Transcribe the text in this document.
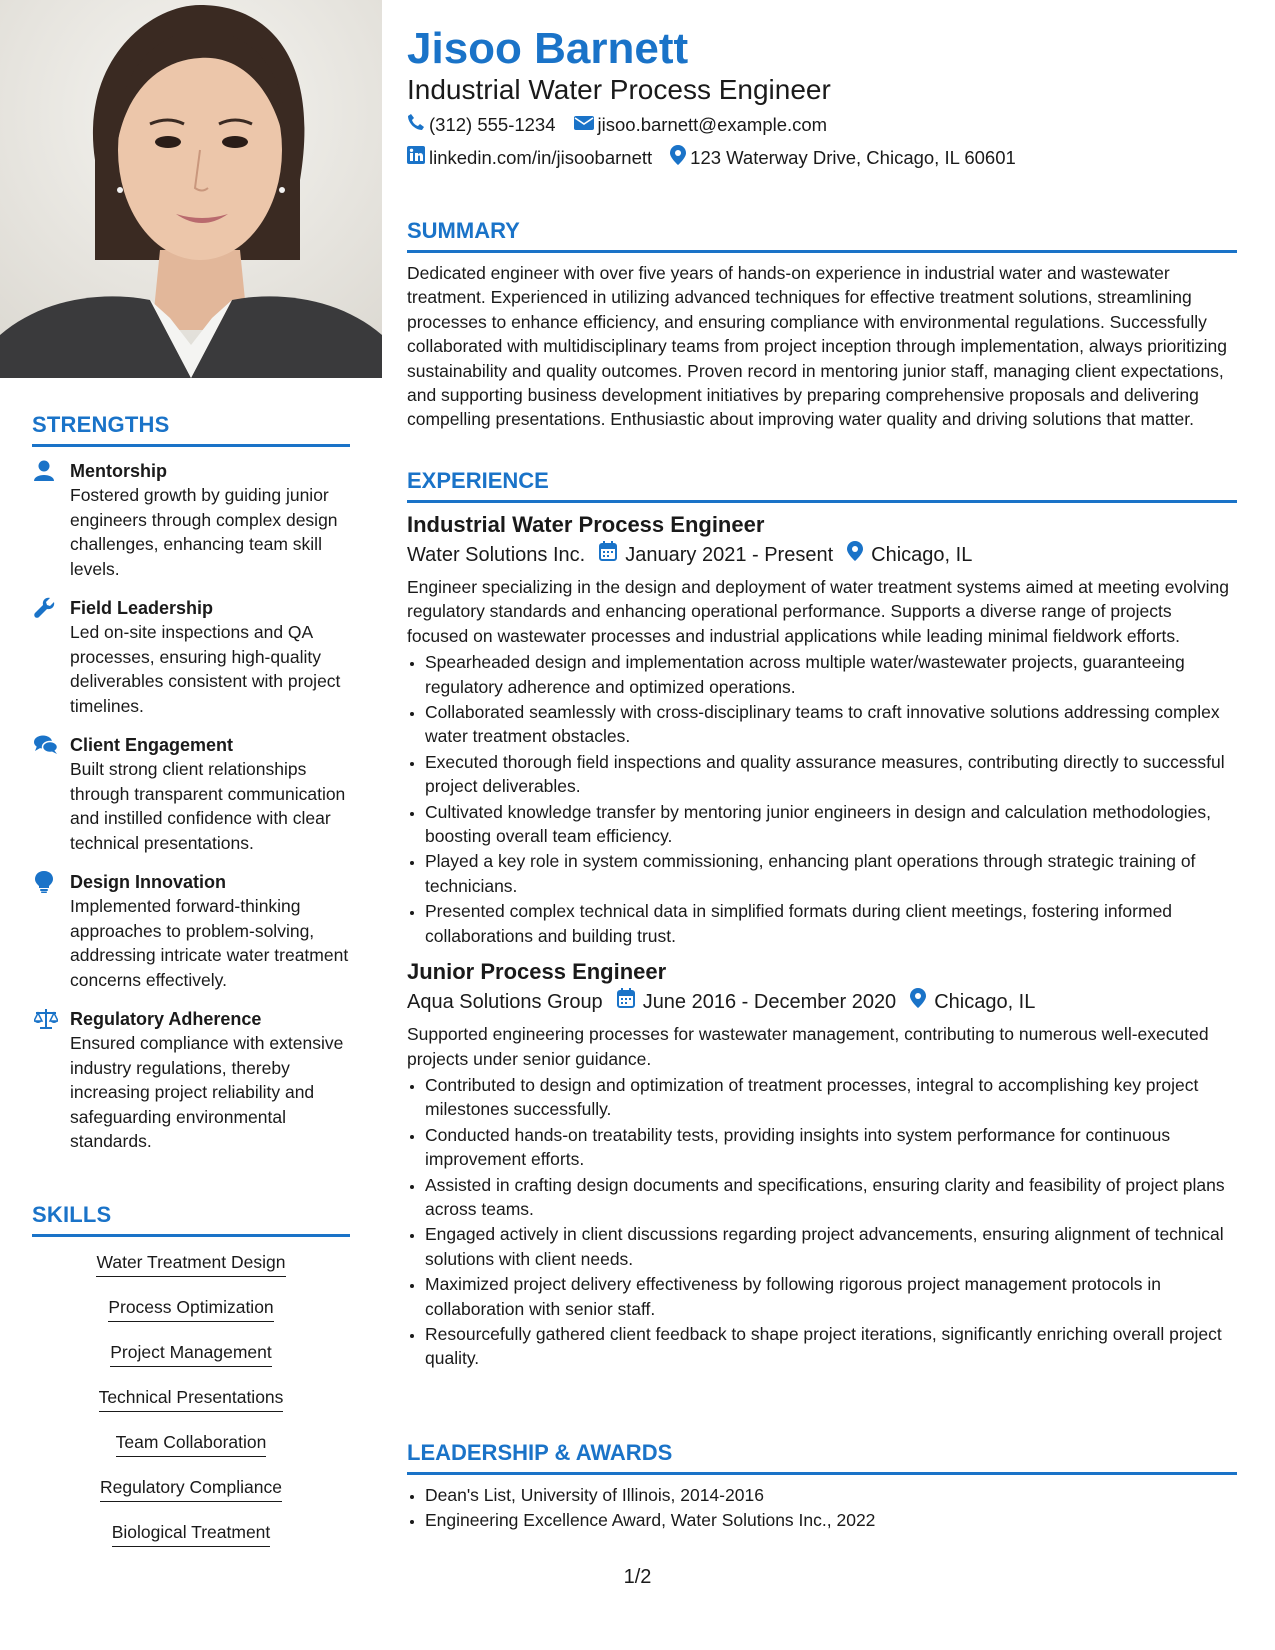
STRENGTHS
Mentorship
Fostered growth by guiding junior engineers through complex design challenges, enhancing team skill levels.
Field Leadership
Led on-site inspections and QA processes, ensuring high-quality deliverables consistent with project timelines.
Client Engagement
Built strong client relationships through transparent communication and instilled confidence with clear technical presentations.
Design Innovation
Implemented forward-thinking approaches to problem-solving, addressing intricate water treatment concerns effectively.
Regulatory Adherence
Ensured compliance with extensive industry regulations, thereby increasing project reliability and safeguarding environmental standards.
SKILLS
Water Treatment Design
Process Optimization
Project Management
Technical Presentations
Team Collaboration
Regulatory Compliance
Biological Treatment
Jisoo Barnett
Industrial Water Process Engineer
(312) 555-1234 jisoo.barnett@example.com
linkedin.com/in/jisoobarnett 123 Waterway Drive, Chicago, IL 60601
SUMMARY

Dedicated engineer with over five years of hands-on experience in industrial water and wastewater treatment. Experienced in utilizing advanced techniques for effective treatment solutions, streamlining processes to enhance efficiency, and ensuring compliance with environmental regulations. Successfully collaborated with multidisciplinary teams from project inception through implementation, always prioritizing sustainability and quality outcomes. Proven record in mentoring junior staff, managing client expectations, and supporting business development initiatives by preparing comprehensive proposals and delivering compelling presentations. Enthusiastic about improving water quality and driving solutions that matter.

EXPERIENCE
Industrial Water Process Engineer
Water Solutions Inc. January 2021 - Present Chicago, IL
Engineer specializing in the design and deployment of water treatment systems aimed at meeting evolving regulatory standards and enhancing operational performance. Supports a diverse range of projects focused on wastewater processes and industrial applications while leading minimal fieldwork efforts.
• Spearheaded design and implementation across multiple water/wastewater projects, guaranteeing regulatory adherence and optimized operations.
• Collaborated seamlessly with cross-disciplinary teams to craft innovative solutions addressing complex water treatment obstacles.
• Executed thorough field inspections and quality assurance measures, contributing directly to successful project deliverables.
• Cultivated knowledge transfer by mentoring junior engineers in design and calculation methodologies, boosting overall team efficiency.
• Played a key role in system commissioning, enhancing plant operations through strategic training of technicians.
• Presented complex technical data in simplified formats during client meetings, fostering informed collaborations and building trust.
Junior Process Engineer
Aqua Solutions Group June 2016 - December 2020 Chicago, IL
Supported engineering processes for wastewater management, contributing to numerous well-executed projects under senior guidance.
• Contributed to design and optimization of treatment processes, integral to accomplishing key project milestones successfully.
• Conducted hands-on treatability tests, providing insights into system performance for continuous improvement efforts.
• Assisted in crafting design documents and specifications, ensuring clarity and feasibility of project plans across teams.
• Engaged actively in client discussions regarding project advancements, ensuring alignment of technical solutions with client needs.
• Maximized project delivery effectiveness by following rigorous project management protocols in collaboration with senior staff.
• Resourcefully gathered client feedback to shape project iterations, significantly enriching overall project quality.
LEADERSHIP & AWARDS
• Dean's List, University of Illinois, 2014-2016
• Engineering Excellence Award, Water Solutions Inc., 2022
1/2
